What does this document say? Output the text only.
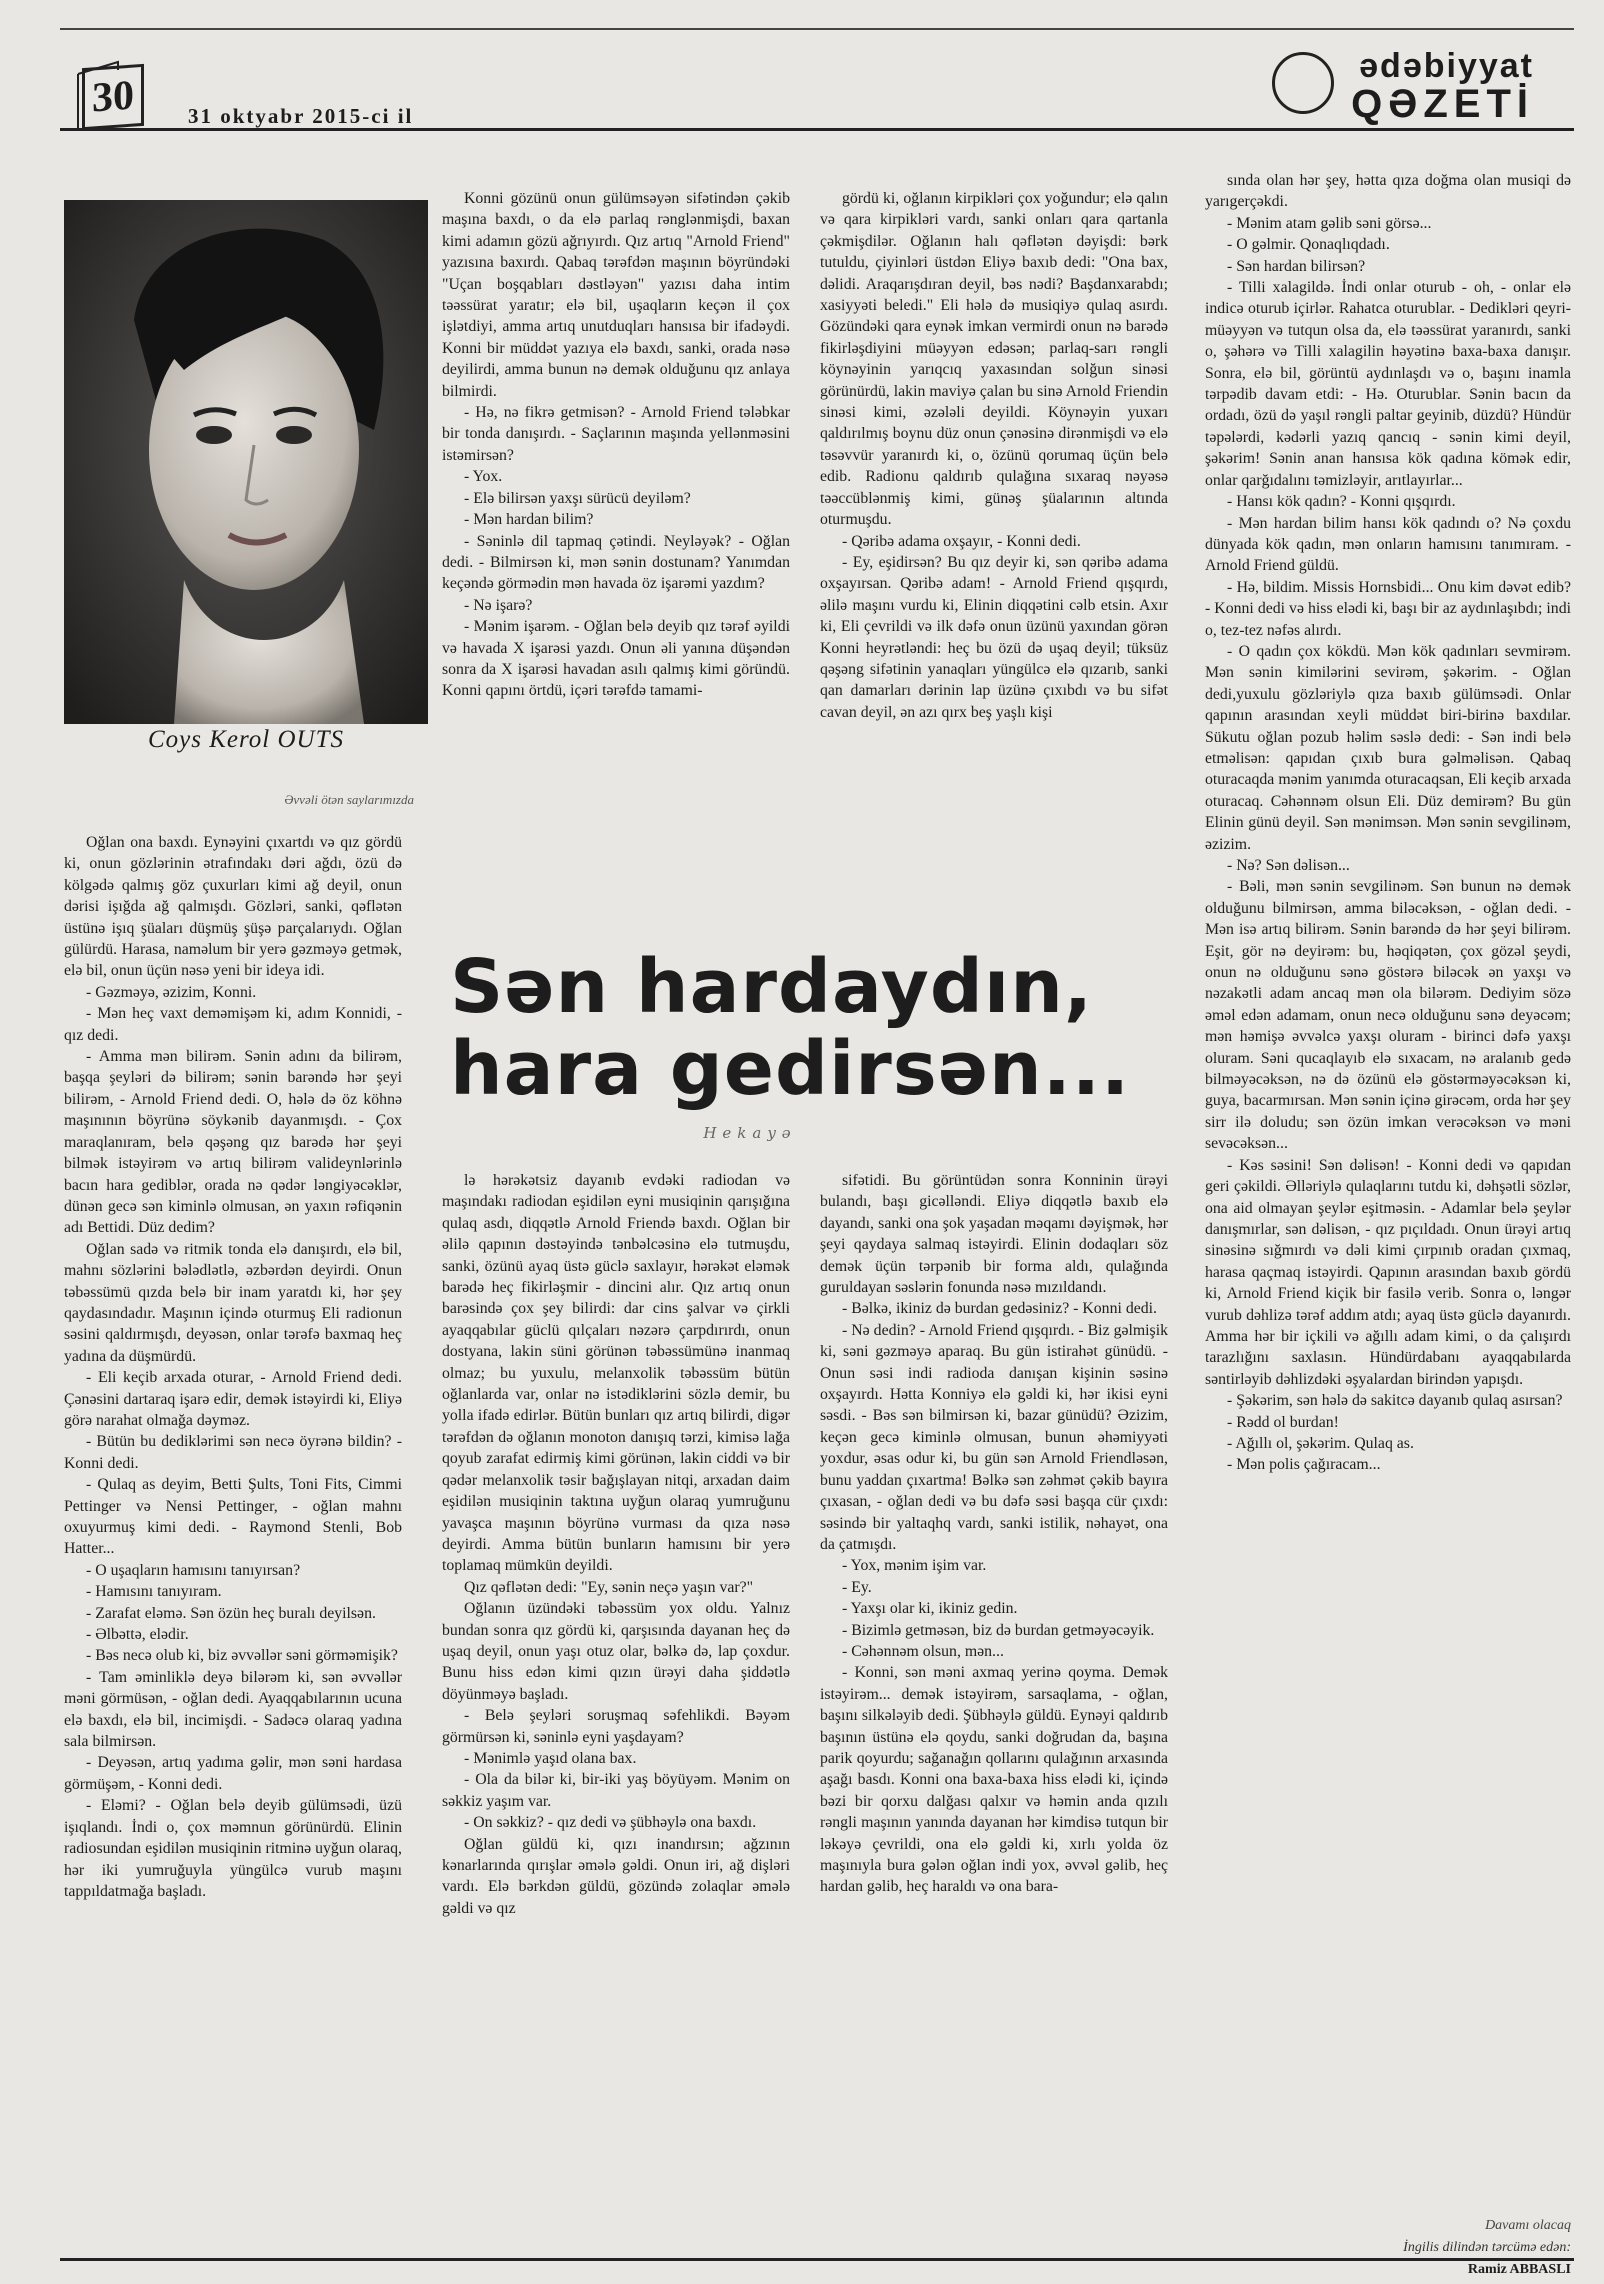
30	31 oktyabr 2015-ci il
ədəbiyyat
QƏZETİ
Coys Kerol OUTS
Əvvəli ötən saylarımızda

Oğlan ona baxdı. Eynəyini çıxartdı və qız gördü ki, onun gözlərinin ətrafındakı dəri ağdı, özü də kölgədə qalmış göz çuxurları kimi ağ deyil, onun dərisi işığda ağ qalmışdı. Gözləri, sanki, qəflətən üstünə işıq şüaları düşmüş şüşə parçalarıydı. Oğlan gülürdü. Harasa, naməlum bir yerə gəzməyə getmək, elə bil, onun üçün nəsə yeni bir ideya idi.

- Gəzməyə, əzizim, Konni.

- Mən heç vaxt deməmişəm ki, adım Konnidi, - qız dedi.

- Amma mən bilirəm. Sənin adını da bilirəm, başqa şeyləri də bilirəm; sənin barəndə hər şeyi bilirəm, - Arnold Friend dedi. O, hələ də öz köhnə maşınının böyrünə söykənib dayanmışdı. - Çox maraqlanıram, belə qəşəng qız barədə hər şeyi bilmək istəyirəm və artıq bilirəm valideynlərinlə bacın hara gediblər, orada nə qədər ləngiyəcəklər, dünən gecə sən kiminlə olmusan, ən yaxın rəfiqənin adı Bettidi. Düz dedim?

Oğlan sadə və ritmik tonda elə danışırdı, elə bil, mahnı sözlərini bələdlətlə, əzbərdən deyirdi. Onun təbəssümü qızda belə bir inam yaratdı ki, hər şey qaydasındadır. Maşının içində oturmuş Eli radionun səsini qaldırmışdı, deyəsən, onlar tərəfə baxmaq heç yadına da düşmürdü.

- Eli keçib arxada oturar, - Arnold Friend dedi. Çənəsini dartaraq işarə edir, demək istəyirdi ki, Eliyə görə narahat olmağa dəyməz.

- Bütün bu dediklərimi sən necə öyrənə bildin? - Konni dedi.

- Qulaq as deyim, Betti Şults, Toni Fits, Cimmi Pettinger və Nensi Pettinger, - oğlan mahnı oxuyurmuş kimi dedi. - Raymond Stenli, Bob Hatter...

- O uşaqların hamısını tanıyırsan?

- Hamısını tanıyıram.

- Zarafat eləmə. Sən özün heç buralı deyilsən.

- Əlbəttə, elədir.

- Bəs necə olub ki, biz əvvəllər səni görməmişik?

- Tam əminliklə deyə bilərəm ki, sən əvvəllər məni görmüsən, - oğlan dedi. Ayaqqabılarının ucuna elə baxdı, elə bil, incimişdi. - Sadəcə olaraq yadına sala bilmirsən.

- Deyəsən, artıq yadıma gəlir, mən səni hardasa görmüşəm, - Konni dedi.

- Eləmi? - Oğlan belə deyib gülümsədi, üzü işıqlandı. İndi o, çox məmnun görünürdü. Elinin radiosundan eşidilən musiqinin ritminə uyğun olaraq, hər iki yumruğuyla yüngülcə vurub maşını tappıldatmağa başladı.

Konni gözünü onun gülümsəyən sifətindən çəkib maşına baxdı, o da elə parlaq rənglənmişdi, baxan kimi adamın gözü ağrıyırdı. Qız artıq "Arnold Friend" yazısına baxırdı. Qabaq tərəfdən maşının böyründəki "Uçan boşqabları dəstləyən" yazısı daha intim təəssürat yaratır; elə bil, uşaqların keçən il çox işlətdiyi, amma artıq unutduqları hansısa bir ifadəydi. Konni bir müddət yazıya elə baxdı, sanki, orada nəsə deyilirdi, amma bunun nə demək olduğunu qız anlaya bilmirdi.

- Hə, nə fikrə getmisən? - Arnold Friend tələbkar bir tonda danışırdı. - Saçlarının maşında yellənməsini istəmirsən?

- Yox.

- Elə bilirsən yaxşı sürücü deyiləm?

- Mən hardan bilim?

- Səninlə dil tapmaq çətindi. Neyləyək? - Oğlan dedi. - Bilmirsən ki, mən sənin dostunam? Yanımdan keçəndə görmədin mən havada öz işarəmi yazdım?

- Nə işarə?

- Mənim işarəm. - Oğlan belə deyib qız tərəf əyildi və havada X işarəsi yazdı. Onun əli yanına düşəndən sonra da X işarəsi havadan asılı qalmış kimi göründü. Konni qapını örtdü, içəri tərəfdə tamami-

gördü ki, oğlanın kirpikləri çox yoğundur; elə qalın və qara kirpikləri vardı, sanki onları qara qartanla çəkmişdilər. Oğlanın halı qəflətən dəyişdi: bərk tutuldu, çiyinləri üstdən Eliyə baxıb dedi: "Ona bax, dəlidi. Araqarışdıran deyil, bəs nədi? Başdanxarabdı; xasiyyəti beledi." Eli hələ də musiqiyə qulaq asırdı. Gözündəki qara eynək imkan vermirdi onun nə barədə fikirləşdiyini müəyyən edəsən; parlaq-sarı rəngli köynəyinin yarıqcıq yaxasından solğun sinəsi görünürdü, lakin maviyə çalan bu sinə Arnold Friendin sinəsi kimi, əzələli deyildi. Köynəyin yuxarı qaldırılmış boynu düz onun çənəsinə dirənmişdi və elə təsəvvür yaranırdı ki, o, özünü qorumaq üçün belə edib. Radionu qaldırıb qulağına sıxaraq nəyəsə təəccüblənmiş kimi, günəş şüalarının altında oturmuşdu.

- Qəribə adama oxşayır, - Konni dedi.

- Ey, eşidirsən? Bu qız deyir ki, sən qəribə adama oxşayırsan. Qəribə adam! - Arnold Friend qışqırdı, əlilə maşını vurdu ki, Elinin diqqətini cəlb etsin. Axır ki, Eli çevrildi və ilk dəfə onun üzünü yaxından görən Konni heyrətləndi: heç bu özü də uşaq deyil; tüksüz qəşəng sifətinin yanaqları yüngülcə elə qızarıb, sanki qan damarları dərinin lap üzünə çıxıbdı və bu sifət cavan deyil, ən azı qırx beş yaşlı kişi

sında olan hər şey, hətta qıza doğma olan musiqi də yarıgerçəkdi.

- Mənim atam gəlib səni görsə...

- O gəlmir. Qonaqlıqdadı.

- Sən hardan bilirsən?

- Tilli xalagildə. İndi onlar oturub - oh, - onlar elə indicə oturub içirlər. Rahatca oturublar. - Dedikləri qeyri-müəyyən və tutqun olsa da, elə təəssürat yaranırdı, sanki o, şəhərə və Tilli xalagilin həyətinə baxa-baxa danışır. Sonra, elə bil, görüntü aydınlaşdı və o, başını inamla tərpədib davam etdi: - Hə. Oturublar. Sənin bacın da ordadı, özü də yaşıl rəngli paltar geyinib, düzdü? Hündür təpələrdi, kədərli yazıq qancıq - sənin kimi deyil, şəkərim! Sənin anan hansısa kök qadına kömək edir, onlar qarğıdalını təmizləyir, arıtlayırlar...

- Hansı kök qadın? - Konni qışqırdı.

- Mən hardan bilim hansı kök qadındı o? Nə çoxdu dünyada kök qadın, mən onların hamısını tanımıram. - Arnold Friend güldü.

- Hə, bildim. Missis Hornsbidi... Onu kim dəvət edib? - Konni dedi və hiss elədi ki, başı bir az aydınlaşıbdı; indi o, tez-tez nəfəs alırdı.

- O qadın çox kökdü. Mən kök qadınları sevmirəm. Mən sənin kimilərini sevirəm, şəkərim. - Oğlan dedi,yuxulu gözləriylə qıza baxıb gülümsədi. Onlar qapının arasından xeyli müddət biri-birinə baxdılar. Sükutu oğlan pozub həlim səslə dedi: - Sən indi belə etməlisən: qapıdan çıxıb bura gəlməlisən. Qabaq oturacaqda mənim yanımda oturacaqsan, Eli keçib arxada oturacaq. Cəhənnəm olsun Eli. Düz demirəm? Bu gün Elinin günü deyil. Sən mənimsən. Mən sənin sevgilinəm, əzizim.

- Nə? Sən dəlisən...

- Bəli, mən sənin sevgilinəm. Sən bunun nə demək olduğunu bilmirsən, amma biləcəksən, - oğlan dedi. - Mən isə artıq bilirəm. Sənin barəndə də hər şeyi bilirəm. Eşit, gör nə deyirəm: bu, həqiqətən, çox gözəl şeydi, onun nə olduğunu sənə göstərə biləcək ən yaxşı və nəzakətli adam ancaq mən ola bilərəm. Dediyim sözə əməl edən adamam, onun necə olduğunu sənə deyəcəm; mən həmişə əvvəlcə yaxşı oluram - birinci dəfə yaxşı oluram. Səni qucaqlayıb elə sıxacam, nə aralanıb gedə bilməyəcəksən, nə də özünü elə göstərməyəcəksən ki, guya, bacarmırsan. Mən sənin içinə girəcəm, orda hər şey sirr ilə doludu; sən özün imkan verəcəksən və məni sevəcəksən...

- Kəs səsini! Sən dəlisən! - Konni dedi və qapıdan geri çəkildi. Əlləriylə qulaqlarını tutdu ki, dəhşətli sözlər, ona aid olmayan şeylər eşitməsin. - Adamlar belə şeylər danışmırlar, sən dəlisən, - qız pıçıldadı. Onun ürəyi artıq sinəsinə sığmırdı və dəli kimi çırpınıb oradan çıxmaq, harasa qaçmaq istəyirdi. Qapının arasından baxıb gördü ki, Arnold Friend kiçik bir fasilə verib. Sonra o, ləngər vurub dəhlizə tərəf addım atdı; ayaq üstə güclə dayanırdı. Amma hər bir içkili və ağıllı adam kimi, o da çalışırdı tarazlığını saxlasın. Hündürdabanı ayaqqabılarda səntirləyib dəhlizdəki əşyalardan birindən yapışdı.

- Şəkərim, sən hələ də sakitcə dayanıb qulaq asırsan?

- Rədd ol burdan!

- Ağıllı ol, şəkərim. Qulaq as.

- Mən polis çağıracam...

Sən hardaydın,
hara gedirsən...
Hekayə

lə hərəkətsiz dayanıb evdəki radiodan və maşındakı radiodan eşidilən eyni musiqinin qarışığına qulaq asdı, diqqətlə Arnold Friendə baxdı. Oğlan bir əlilə qapının dəstəyində tənbəlcəsinə elə tutmuşdu, sanki, özünü ayaq üstə güclə saxlayır, hərəkət eləmək barədə heç fikirləşmir - dincini alır. Qız artıq onun barəsində çox şey bilirdi: dar cins şalvar və çirkli ayaqqabılar güclü qılçaları nəzərə çarpdırırdı, onun dostyana, lakin süni görünən təbəssümünə inanmaq olmaz; bu yuxulu, melanxolik təbəssüm bütün oğlanlarda var, onlar nə istədiklərini sözlə demir, bu yolla ifadə edirlər. Bütün bunları qız artıq bilirdi, digər tərəfdən də oğlanın monoton danışıq tərzi, kimisə lağa qoyub zarafat edirmiş kimi görünən, lakin ciddi və bir qədər melanxolik təsir bağışlayan nitqi, arxadan daim eşidilən musiqinin taktına uyğun olaraq yumruğunu yavaşca maşının böyrünə vurması da qıza nəsə deyirdi. Amma bütün bunların hamısını bir yerə toplamaq mümkün deyildi.

Qız qəflətən dedi: "Ey, sənin neçə yaşın var?"

Oğlanın üzündəki təbəssüm yox oldu. Yalnız bundan sonra qız gördü ki, qarşısında dayanan heç də uşaq deyil, onun yaşı otuz olar, bəlkə də, lap çoxdur. Bunu hiss edən kimi qızın ürəyi daha şiddətlə döyünməyə başladı.

- Belə şeyləri soruşmaq səfehlikdi. Bəyəm görmürsən ki, səninlə eyni yaşdayam?

- Mənimlə yaşıd olana bax.

- Ola da bilər ki, bir-iki yaş böyüyəm. Mənim on səkkiz yaşım var.

- On səkkiz? - qız dedi və şübhəylə ona baxdı.

Oğlan güldü ki, qızı inandırsın; ağzının kənarlarında qırışlar əmələ gəldi. Onun iri, ağ dişləri vardı. Elə bərkdən güldü, gözündə zolaqlar əmələ gəldi və qız

sifətidi. Bu görüntüdən sonra Konninin ürəyi bulandı, başı gicəlləndi. Eliyə diqqətlə baxıb elə dayandı, sanki ona şok yaşadan məqamı dəyişmək, hər şeyi qaydaya salmaq istəyirdi. Elinin dodaqları söz demək üçün tərpənib bir forma aldı, qulağında guruldayan səslərin fonunda nəsə mızıldandı.

- Bəlkə, ikiniz də burdan gedəsiniz? - Konni dedi.

- Nə dedin? - Arnold Friend qışqırdı. - Biz gəlmişik ki, səni gəzməyə aparaq. Bu gün istirahət günüdü. - Onun səsi indi radioda danışan kişinin səsinə oxşayırdı. Hətta Konniyə elə gəldi ki, hər ikisi eyni səsdi. - Bəs sən bilmirsən ki, bazar günüdü? Əzizim, keçən gecə kiminlə olmusan, bunun əhəmiyyəti yoxdur, əsas odur ki, bu gün sən Arnold Friendləsən, bunu yaddan çıxartma! Bəlkə sən zəhmət çəkib bayıra çıxasan, - oğlan dedi və bu dəfə səsi başqa cür çıxdı: səsində bir yaltaqhq vardı, sanki istilik, nəhayət, ona da çatmışdı.

- Yox, mənim işim var.

- Ey.

- Yaxşı olar ki, ikiniz gedin.

- Bizimlə getməsən, biz də burdan getməyəcəyik.

- Cəhənnəm olsun, mən...

- Konni, sən məni axmaq yerinə qoyma. Demək istəyirəm... demək istəyirəm, sarsaqlama, - oğlan, başını silkələyib dedi. Şübhəylə güldü. Eynəyi qaldırıb başının üstünə elə qoydu, sanki doğrudan da, başına parik qoyurdu; sağanağın qollarını qulağının arxasında aşağı basdı. Konni ona baxa-baxa hiss elədi ki, içində bəzi bir qorxu dalğası qalxır və həmin anda qızılı rəngli maşının yanında dayanan hər kimdisə tutqun bir ləkəyə çevrildi, ona elə gəldi ki, xırlı yolda öz maşınıyla bura gələn oğlan indi yox, əvvəl gəlib, heç hardan gəlib, heç haraldı və ona bara-

Davamı olacaq
İngilis dilindən tərcümə edən:
Ramiz ABBASLI
